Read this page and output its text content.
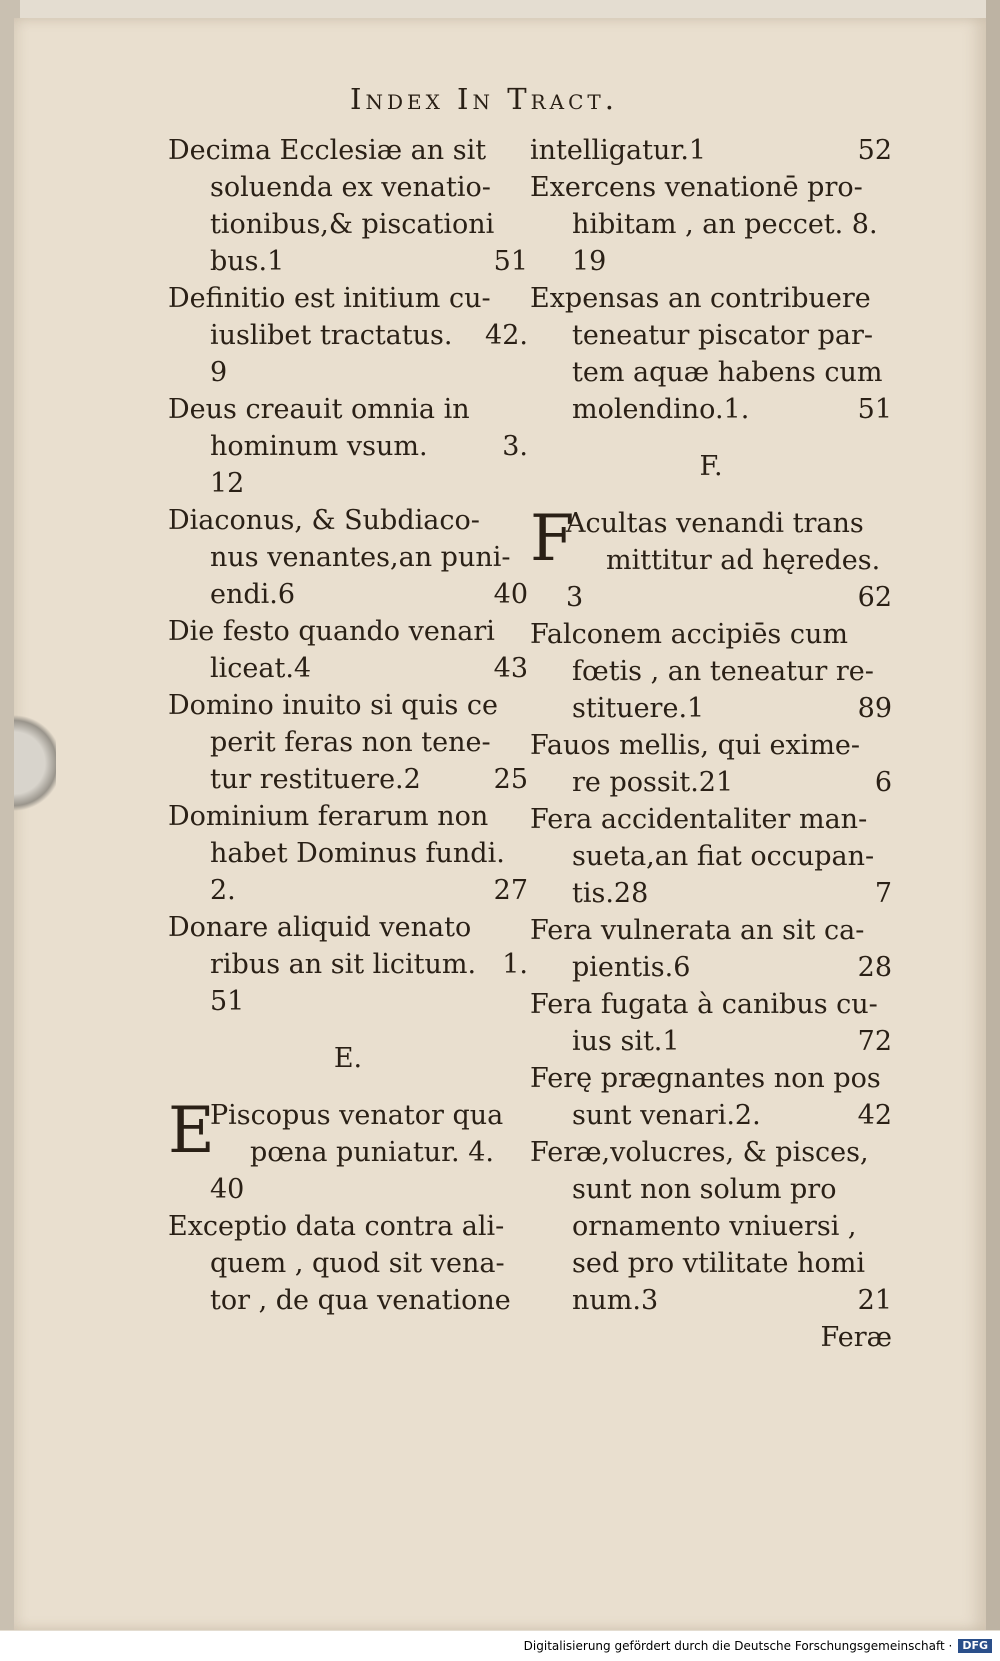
Index In Tract.
Decima Ecclesiæ an sit
soluenda ex venatio-
tionibus,& piscationi
bus.1	51
Definitio est initium cu-
iuslibet tractatus. 42.
9
Deus creauit omnia in
hominum vsum.	3.
12
Diaconus, & Subdiaco-
nus venantes,an puni-
endi.6	40
Die festo quando venari
liceat.4	43
Domino inuito si quis ce
perit feras non tene-
tur restituere.2	25
Dominium ferarum non
habet Dominus fundi.
2.	27
Donare aliquid venato
ribus an sit licitum. 1.
51
E.
E
Piscopus venator qua
pœna puniatur. 4.
40
Exceptio data contra ali-
quem , quod sit vena-
tor , de qua venatione
intelligatur.1	52
Exercens venationē pro-
hibitam , an peccet. 8.
19
Expensas an contribuere
teneatur piscator par-
tem aquæ habens cum
molendino.1.	51
F.
F
Acultas venandi trans
mittitur ad hęredes.
3	62
Falconem accipiēs cum
fœtis , an teneatur re-
stituere.1	89
Fauos mellis, qui exime-
re possit.21	6
Fera accidentaliter man-
sueta,an fiat occupan-
tis.28	7
Fera vulnerata an sit ca-
pientis.6	28
Fera fugata à canibus cu-
ius sit.1	72
Ferę prægnantes non pos
sunt venari.2.	42
Feræ,volucres, & pisces,
sunt non solum pro
ornamento vniuersi ,
sed pro vtilitate homi
num.3	21
Feræ
Digitalisierung gefördert durch die Deutsche Forschungsgemeinschaft · DFG
